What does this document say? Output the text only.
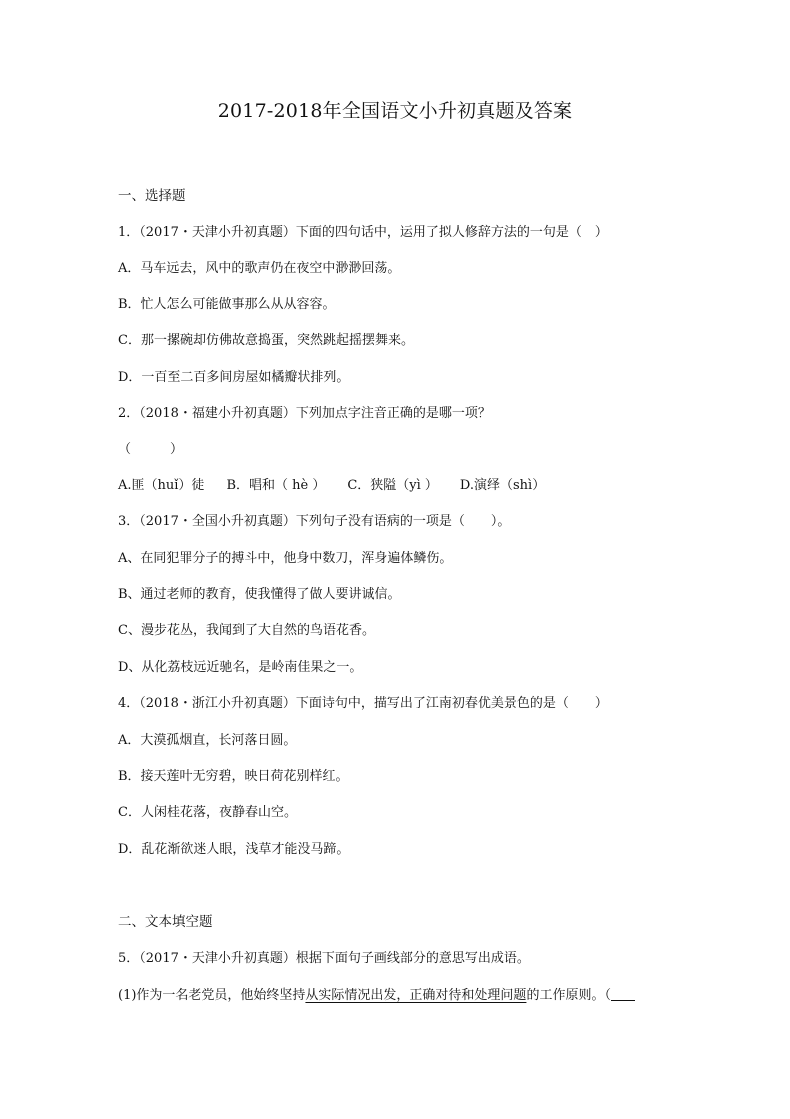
2017-2018年全国语文小升初真题及答案
一、选择题
1．（2017・天津小升初真题）下面的四句话中，运用了拟人修辞方法的一句是（　）
A．马车远去，风中的歌声仍在夜空中渺渺回荡。
B．忙人怎么可能做事那么从从容容。
C．那一摞碗却仿佛故意捣蛋，突然跳起摇摆舞来。
D．一百至二百多间房屋如橘瓣状排列。
2．（2018・福建小升初真题）下列加点字注音正确的是哪一项？
（　　　）
A.匪（huǐ）徒 B．唱和（ hè ） C．狭隘（yì ） D.演绎（shì）
3．（2017・全国小升初真题）下列句子没有语病的一项是（　　）。
A、在同犯罪分子的搏斗中，他身中数刀，浑身遍体鳞伤。
B、通过老师的教育，使我懂得了做人要讲诚信。
C、漫步花丛，我闻到了大自然的鸟语花香。
D、从化荔枝远近驰名，是岭南佳果之一。
4．（2018・浙江小升初真题）下面诗句中，描写出了江南初春优美景色的是（　　）
A．大漠孤烟直，长河落日圆。
B．接天莲叶无穷碧，映日荷花别样红。
C．人闲桂花落，夜静春山空。
D．乱花渐欲迷人眼，浅草才能没马蹄。
二、文本填空题
5．（2017・天津小升初真题）根据下面句子画线部分的意思写出成语。
(1)作为一名老党员，他始终坚持从实际情况出发，正确对待和处理问题的工作原则。（
